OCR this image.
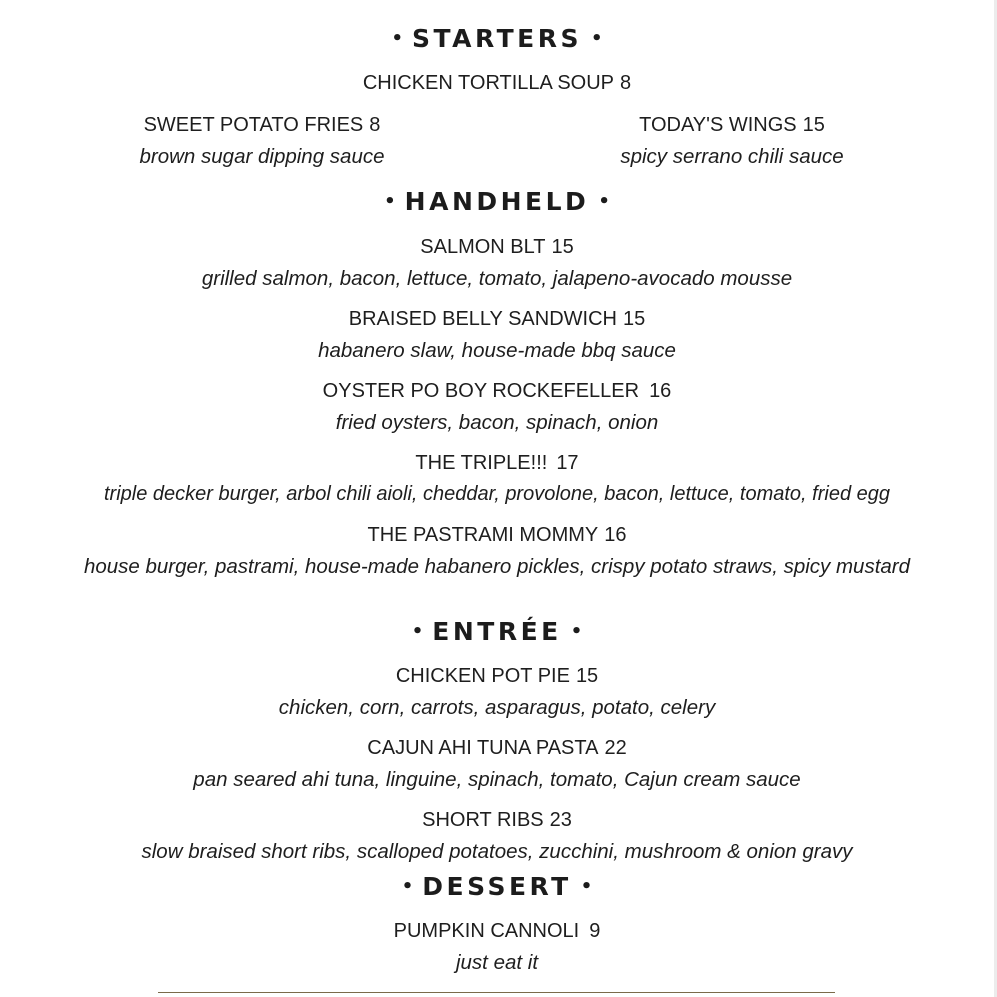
• STARTERS •
CHICKEN TORTILLA SOUP 8
SWEET POTATO FRIES 8
brown sugar dipping sauce
TODAY'S WINGS 15
spicy serrano chili sauce
• HANDHELD •
SALMON BLT 15
grilled salmon, bacon, lettuce, tomato, jalapeno-avocado mousse
BRAISED BELLY SANDWICH 15
habanero slaw, house-made bbq sauce
OYSTER PO BOY ROCKEFELLER 16
fried oysters, bacon, spinach, onion
THE TRIPLE!!! 17
triple decker burger, arbol chili aioli, cheddar, provolone, bacon, lettuce, tomato, fried egg
THE PASTRAMI MOMMY 16
house burger, pastrami, house-made habanero pickles, crispy potato straws, spicy mustard
• ENTRÉE •
CHICKEN POT PIE 15
chicken, corn, carrots, asparagus, potato, celery
CAJUN AHI TUNA PASTA 22
pan seared ahi tuna, linguine, spinach, tomato, Cajun cream sauce
SHORT RIBS 23
slow braised short ribs, scalloped potatoes, zucchini, mushroom & onion gravy
• DESSERT •
PUMPKIN CANNOLI 9
just eat it
